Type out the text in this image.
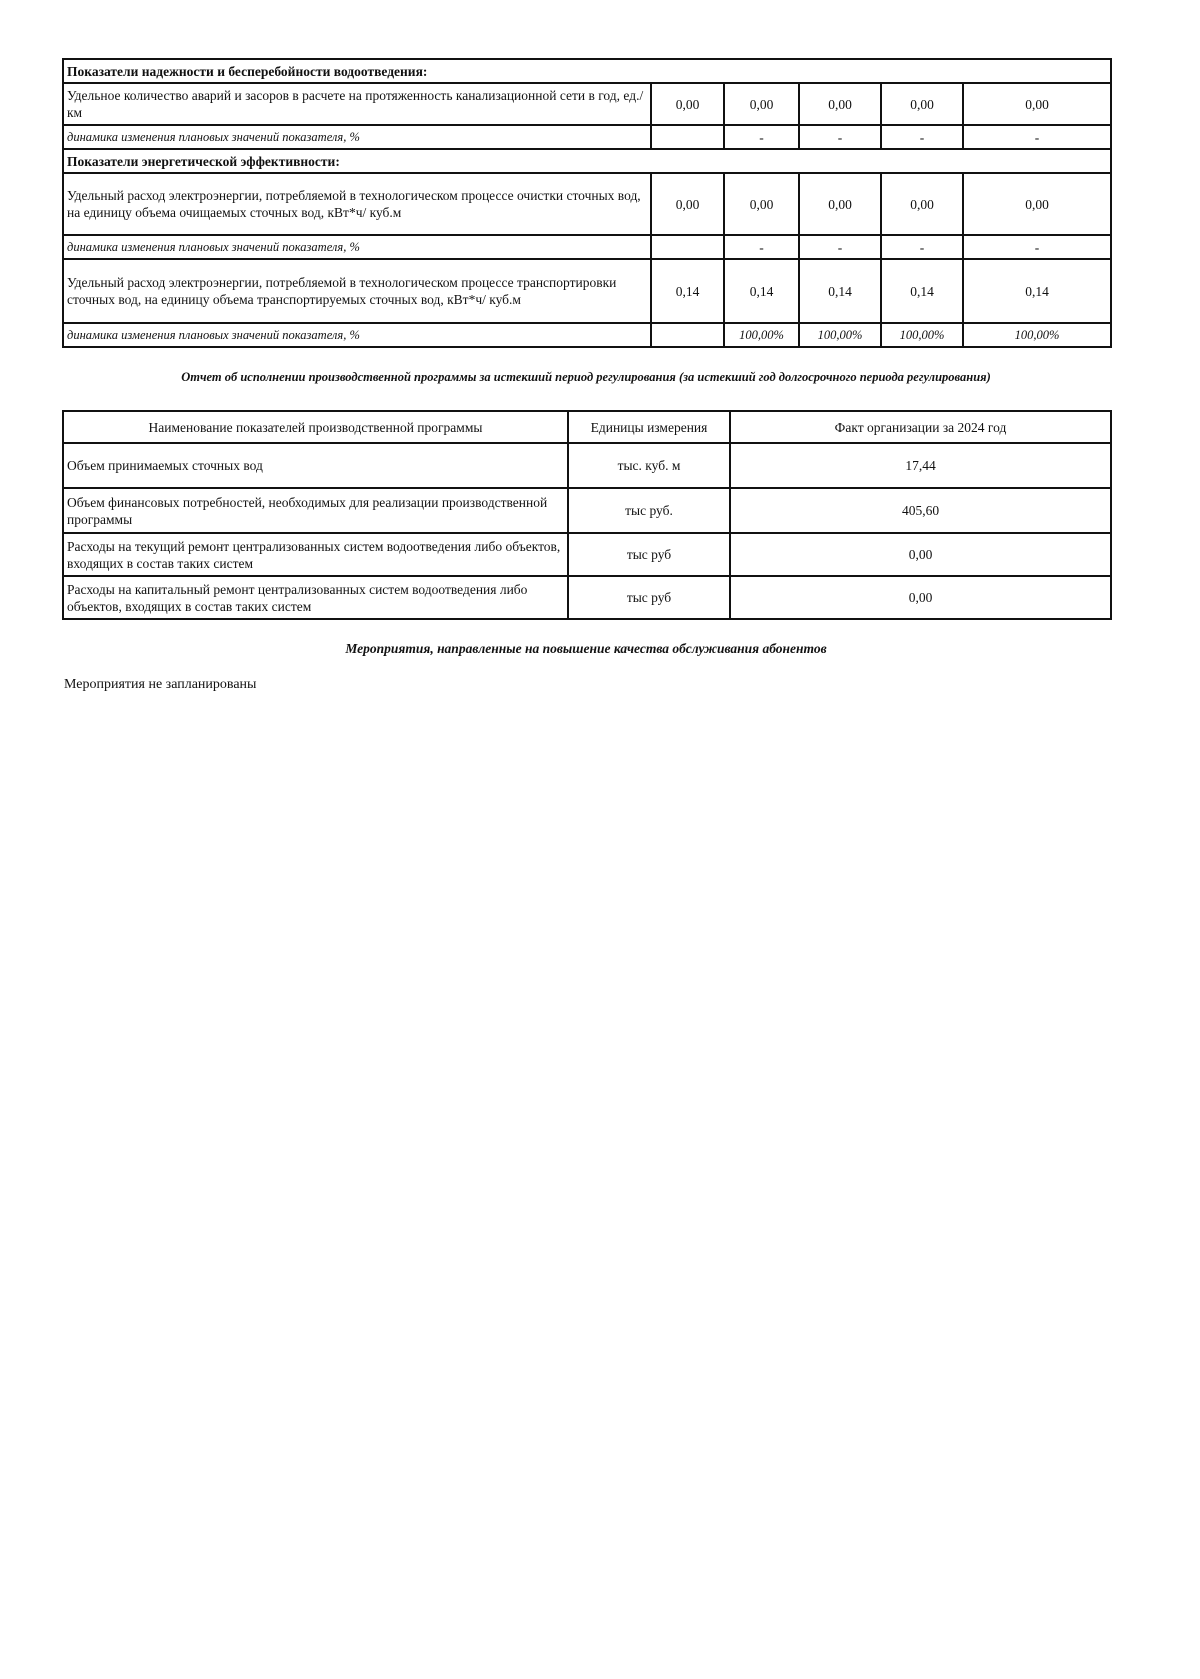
Показатели надежности и бесперебойности водоотведения:					
Удельное количество аварий и засоров в расчете на протяженность канализационной сети в год, ед./км	0,00	0,00	0,00	0,00	0,00
динамика изменения плановых значений показателя, %		-	-	-	-
Показатели энергетической эффективности:					
Удельный расход электроэнергии, потребляемой в технологическом процессе очистки сточных вод, на единицу объема очищаемых сточных вод, кВт*ч/ куб.м	0,00	0,00	0,00	0,00	0,00
динамика изменения плановых значений показателя, %		-	-	-	-
Удельный расход электроэнергии, потребляемой в технологическом процессе транспортировки сточных вод, на единицу объема транспортируемых сточных вод, кВт*ч/ куб.м	0,14	0,14	0,14	0,14	0,14
динамика изменения плановых значений показателя, %		100,00%	100,00%	100,00%	100,00%
Отчет об исполнении производственной программы за истекший период регулирования (за истекший год долгосрочного периода регулирования)
Наименование показателей производственной программы	Единицы измерения	Факт организации за 2024 год
Объем принимаемых сточных вод	тыс. куб. м	17,44
Объем финансовых потребностей, необходимых для реализации производственной программы	тыс руб.	405,60
Расходы на текущий ремонт централизованных систем водоотведения либо объектов, входящих в состав таких систем	тыс руб	0,00
Расходы на капитальный ремонт централизованных систем водоотведения либо объектов, входящих в состав таких систем	тыс руб	0,00
Мероприятия, направленные на повышение качества обслуживания абонентов
Мероприятия не запланированы
